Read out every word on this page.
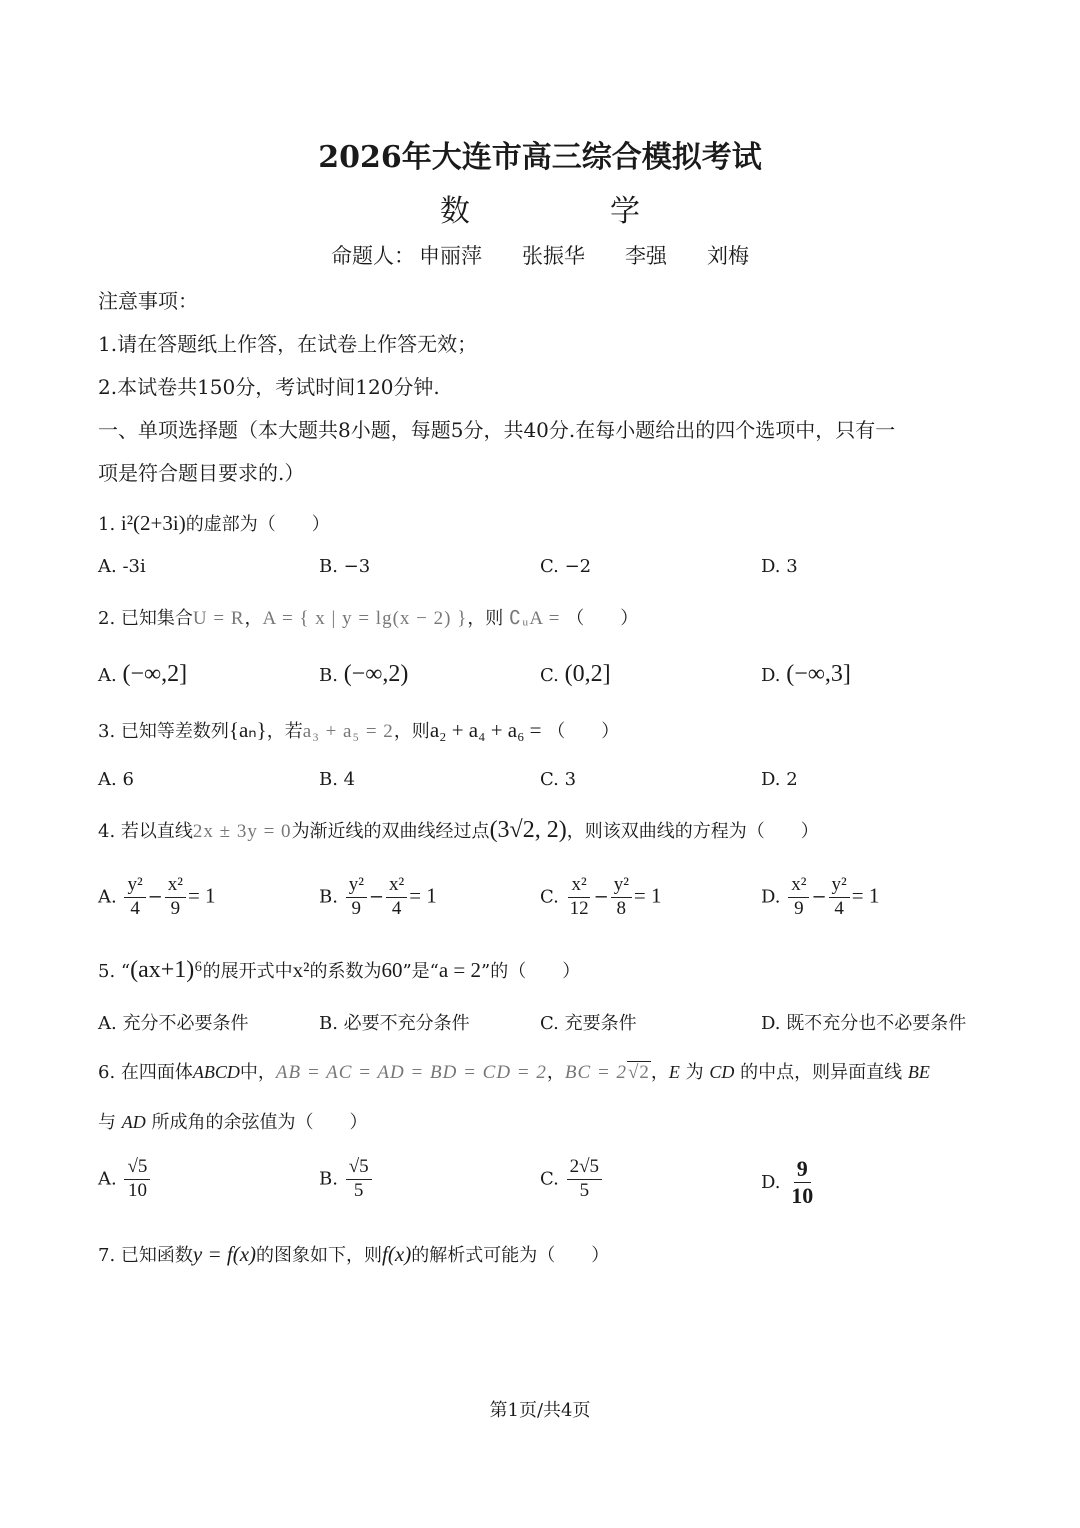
2026年大连市高三综合模拟考试
数	学
命题人： 申丽萍 张振华 李强 刘梅
注意事项：
1.请在答题纸上作答，在试卷上作答无效；
2.本试卷共150分，考试时间120分钟.
一、单项选择题（本大题共8小题，每题5分，共40分.在每小题给出的四个选项中，只有一
项是符合题目要求的.）
1. i²(2+3i)的虚部为（　　）
A. -3i	B. −3	C. −2	D. 3
2. 已知集合U = R，A = { x | y = lg(x − 2) }，则 ∁ᵤA = （　　）
A. (−∞,2]	B. (−∞,2)	C. (0,2]	D. (−∞,3]
3. 已知等差数列{aₙ}，若a₃ + a₅ = 2，则a₂ + a₄ + a₆ = （　　）
A. 6	B. 4	C. 3	D. 2
4. 若以直线2x ± 3y = 0为渐近线的双曲线经过点(3√2, 2)，则该双曲线的方程为（　　）
A. $\frac{\text{y²}}{4} - \frac{\text{x²}}{9} = 1$	B. $\frac{\text{y²}}{9} - \frac{\text{x²}}{4} = 1$	C. $\frac{\text{x²}}{12} - \frac{\text{y²}}{8} = 1$	D. $\frac{\text{x²}}{9} - \frac{\text{y²}}{4} = 1$
5. “(ax+1)⁶的展开式中x²的系数为60”是“a = 2”的（　　）
A. 充分不必要条件	B. 必要不充分条件	C. 充要条件	D. 既不充分也不必要条件
6. 在四面体ABCD中，AB = AC = AD = BD = CD = 2，BC = 2√2，E 为 CD 的中点，则异面直线 BE
与 AD 所成角的余弦值为（　　）
A. $\frac{√5}{10}$	B. $\frac{√5}{5}$	C. $\frac{2√5}{5}$	D. $\frac{9}{10}$
7. 已知函数y = f(x)的图象如下，则f(x)的解析式可能为（　　）
第1页/共4页
